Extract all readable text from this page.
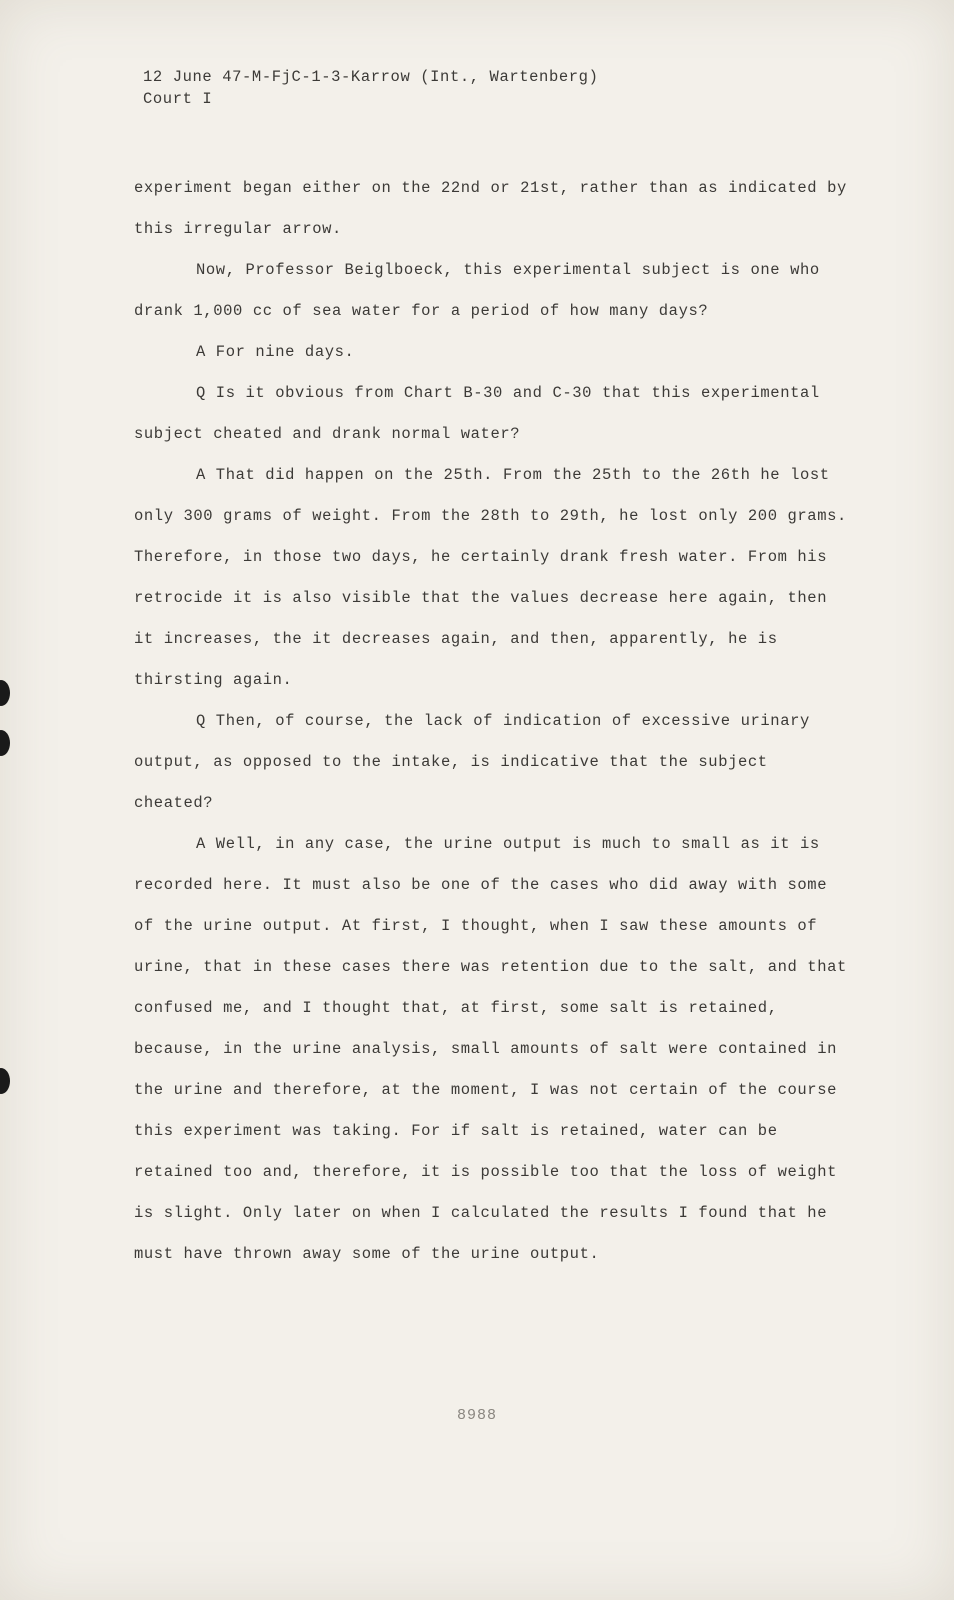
12 June 47-M-FjC-1-3-Karrow (Int., Wartenberg)
Court I

experiment began either on the 22nd or 21st, rather than as indicated by this irregular arrow.

Now, Professor Beiglboeck, this experimental subject is one who drank 1,000 cc of sea water for a period of how many days?

A For nine days.

Q Is it obvious from Chart B-30 and C-30 that this experimental subject cheated and drank normal water?

A That did happen on the 25th. From the 25th to the 26th he lost only 300 grams of weight. From the 28th to 29th, he lost only 200 grams. Therefore, in those two days, he certainly drank fresh water. From his retrocide it is also visible that the values decrease here again, then it increases, the it decreases again, and then, apparently, he is thirsting again.

Q Then, of course, the lack of indication of excessive urinary output, as opposed to the intake, is indicative that the subject cheated?

A Well, in any case, the urine output is much to small as it is recorded here. It must also be one of the cases who did away with some of the urine output. At first, I thought, when I saw these amounts of urine, that in these cases there was retention due to the salt, and that confused me, and I thought that, at first, some salt is retained, because, in the urine analysis, small amounts of salt were contained in the urine and therefore, at the moment, I was not certain of the course this experiment was taking. For if salt is retained, water can be retained too and, therefore, it is possible too that the loss of weight is slight. Only later on when I calculated the results I found that he must have thrown away some of the urine output.

8988
